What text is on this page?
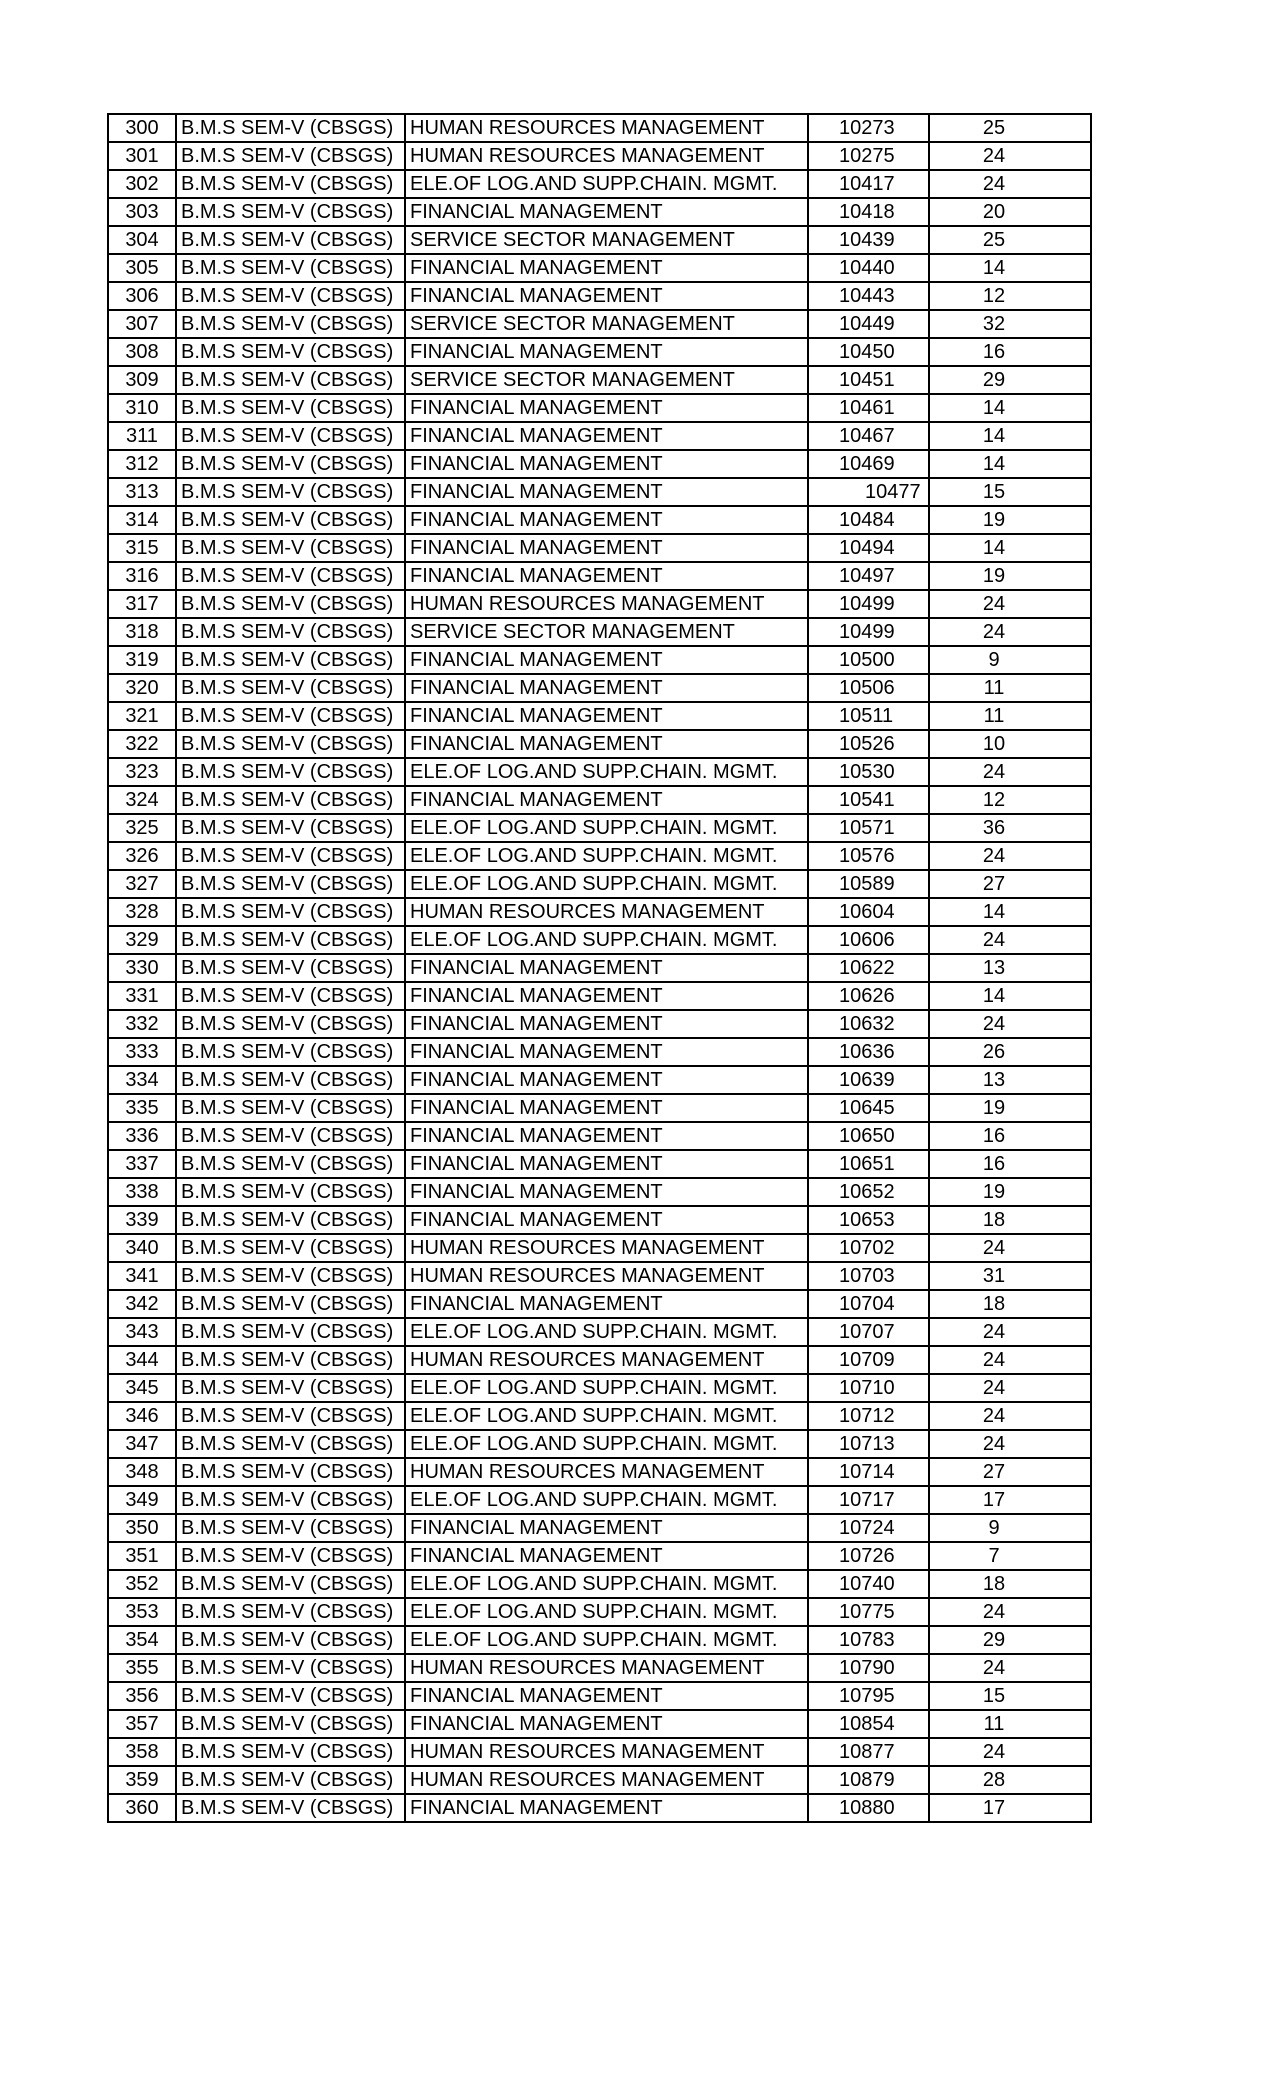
300	B.M.S SEM-V (CBSGS)	HUMAN RESOURCES MANAGEMENT	10273	25
301	B.M.S SEM-V (CBSGS)	HUMAN RESOURCES MANAGEMENT	10275	24
302	B.M.S SEM-V (CBSGS)	ELE.OF LOG.AND SUPP.CHAIN. MGMT.	10417	24
303	B.M.S SEM-V (CBSGS)	FINANCIAL MANAGEMENT	10418	20
304	B.M.S SEM-V (CBSGS)	SERVICE SECTOR MANAGEMENT	10439	25
305	B.M.S SEM-V (CBSGS)	FINANCIAL MANAGEMENT	10440	14
306	B.M.S SEM-V (CBSGS)	FINANCIAL MANAGEMENT	10443	12
307	B.M.S SEM-V (CBSGS)	SERVICE SECTOR MANAGEMENT	10449	32
308	B.M.S SEM-V (CBSGS)	FINANCIAL MANAGEMENT	10450	16
309	B.M.S SEM-V (CBSGS)	SERVICE SECTOR MANAGEMENT	10451	29
310	B.M.S SEM-V (CBSGS)	FINANCIAL MANAGEMENT	10461	14
311	B.M.S SEM-V (CBSGS)	FINANCIAL MANAGEMENT	10467	14
312	B.M.S SEM-V (CBSGS)	FINANCIAL MANAGEMENT	10469	14
313	B.M.S SEM-V (CBSGS)	FINANCIAL MANAGEMENT	10477	15
314	B.M.S SEM-V (CBSGS)	FINANCIAL MANAGEMENT	10484	19
315	B.M.S SEM-V (CBSGS)	FINANCIAL MANAGEMENT	10494	14
316	B.M.S SEM-V (CBSGS)	FINANCIAL MANAGEMENT	10497	19
317	B.M.S SEM-V (CBSGS)	HUMAN RESOURCES MANAGEMENT	10499	24
318	B.M.S SEM-V (CBSGS)	SERVICE SECTOR MANAGEMENT	10499	24
319	B.M.S SEM-V (CBSGS)	FINANCIAL MANAGEMENT	10500	9
320	B.M.S SEM-V (CBSGS)	FINANCIAL MANAGEMENT	10506	11
321	B.M.S SEM-V (CBSGS)	FINANCIAL MANAGEMENT	10511	11
322	B.M.S SEM-V (CBSGS)	FINANCIAL MANAGEMENT	10526	10
323	B.M.S SEM-V (CBSGS)	ELE.OF LOG.AND SUPP.CHAIN. MGMT.	10530	24
324	B.M.S SEM-V (CBSGS)	FINANCIAL MANAGEMENT	10541	12
325	B.M.S SEM-V (CBSGS)	ELE.OF LOG.AND SUPP.CHAIN. MGMT.	10571	36
326	B.M.S SEM-V (CBSGS)	ELE.OF LOG.AND SUPP.CHAIN. MGMT.	10576	24
327	B.M.S SEM-V (CBSGS)	ELE.OF LOG.AND SUPP.CHAIN. MGMT.	10589	27
328	B.M.S SEM-V (CBSGS)	HUMAN RESOURCES MANAGEMENT	10604	14
329	B.M.S SEM-V (CBSGS)	ELE.OF LOG.AND SUPP.CHAIN. MGMT.	10606	24
330	B.M.S SEM-V (CBSGS)	FINANCIAL MANAGEMENT	10622	13
331	B.M.S SEM-V (CBSGS)	FINANCIAL MANAGEMENT	10626	14
332	B.M.S SEM-V (CBSGS)	FINANCIAL MANAGEMENT	10632	24
333	B.M.S SEM-V (CBSGS)	FINANCIAL MANAGEMENT	10636	26
334	B.M.S SEM-V (CBSGS)	FINANCIAL MANAGEMENT	10639	13
335	B.M.S SEM-V (CBSGS)	FINANCIAL MANAGEMENT	10645	19
336	B.M.S SEM-V (CBSGS)	FINANCIAL MANAGEMENT	10650	16
337	B.M.S SEM-V (CBSGS)	FINANCIAL MANAGEMENT	10651	16
338	B.M.S SEM-V (CBSGS)	FINANCIAL MANAGEMENT	10652	19
339	B.M.S SEM-V (CBSGS)	FINANCIAL MANAGEMENT	10653	18
340	B.M.S SEM-V (CBSGS)	HUMAN RESOURCES MANAGEMENT	10702	24
341	B.M.S SEM-V (CBSGS)	HUMAN RESOURCES MANAGEMENT	10703	31
342	B.M.S SEM-V (CBSGS)	FINANCIAL MANAGEMENT	10704	18
343	B.M.S SEM-V (CBSGS)	ELE.OF LOG.AND SUPP.CHAIN. MGMT.	10707	24
344	B.M.S SEM-V (CBSGS)	HUMAN RESOURCES MANAGEMENT	10709	24
345	B.M.S SEM-V (CBSGS)	ELE.OF LOG.AND SUPP.CHAIN. MGMT.	10710	24
346	B.M.S SEM-V (CBSGS)	ELE.OF LOG.AND SUPP.CHAIN. MGMT.	10712	24
347	B.M.S SEM-V (CBSGS)	ELE.OF LOG.AND SUPP.CHAIN. MGMT.	10713	24
348	B.M.S SEM-V (CBSGS)	HUMAN RESOURCES MANAGEMENT	10714	27
349	B.M.S SEM-V (CBSGS)	ELE.OF LOG.AND SUPP.CHAIN. MGMT.	10717	17
350	B.M.S SEM-V (CBSGS)	FINANCIAL MANAGEMENT	10724	9
351	B.M.S SEM-V (CBSGS)	FINANCIAL MANAGEMENT	10726	7
352	B.M.S SEM-V (CBSGS)	ELE.OF LOG.AND SUPP.CHAIN. MGMT.	10740	18
353	B.M.S SEM-V (CBSGS)	ELE.OF LOG.AND SUPP.CHAIN. MGMT.	10775	24
354	B.M.S SEM-V (CBSGS)	ELE.OF LOG.AND SUPP.CHAIN. MGMT.	10783	29
355	B.M.S SEM-V (CBSGS)	HUMAN RESOURCES MANAGEMENT	10790	24
356	B.M.S SEM-V (CBSGS)	FINANCIAL MANAGEMENT	10795	15
357	B.M.S SEM-V (CBSGS)	FINANCIAL MANAGEMENT	10854	11
358	B.M.S SEM-V (CBSGS)	HUMAN RESOURCES MANAGEMENT	10877	24
359	B.M.S SEM-V (CBSGS)	HUMAN RESOURCES MANAGEMENT	10879	28
360	B.M.S SEM-V (CBSGS)	FINANCIAL MANAGEMENT	10880	17
